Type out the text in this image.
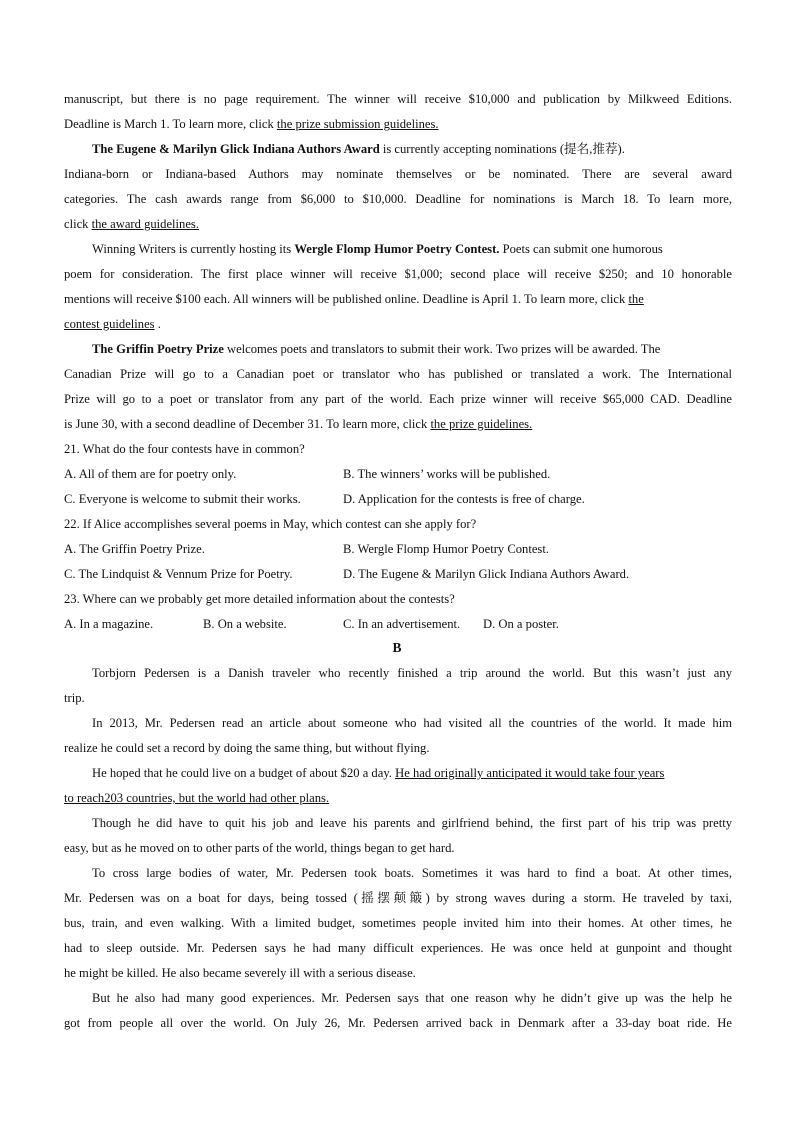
manuscript, but there is no page requirement. The winner will receive $10,000 and publication by Milkweed Editions.
Deadline is March 1. To learn more, click the prize submission guidelines.
The Eugene & Marilyn Glick Indiana Authors Award is currently accepting nominations (提名,推荐).
Indiana-born or Indiana-based Authors may nominate themselves or be nominated. There are several award
categories. The cash awards range from $6,000 to $10,000. Deadline for nominations is March 18. To learn more,
click the award guidelines.
Winning Writers is currently hosting its Wergle Flomp Humor Poetry Contest. Poets can submit one humorous
poem for consideration. The first place winner will receive $1,000; second place will receive $250; and 10 honorable
mentions will receive $100 each. All winners will be published online. Deadline is April 1. To learn more, click the
contest guidelines .
The Griffin Poetry Prize welcomes poets and translators to submit their work. Two prizes will be awarded. The
Canadian Prize will go to a Canadian poet or translator who has published or translated a work. The International
Prize will go to a poet or translator from any part of the world. Each prize winner will receive $65,000 CAD. Deadline
is June 30, with a second deadline of December 31. To learn more, click the prize guidelines.
21. What do the four contests have in common?
A. All of them are for poetry only.	B. The winners’ works will be published.
C. Everyone is welcome to submit their works.	D. Application for the contests is free of charge.
22. If Alice accomplishes several poems in May, which contest can she apply for?
A. The Griffin Poetry Prize.	B. Wergle Flomp Humor Poetry Contest.
C. The Lindquist & Vennum Prize for Poetry.	D. The Eugene & Marilyn Glick Indiana Authors Award.
23. Where can we probably get more detailed information about the contests?
A. In a magazine.	B. On a website.	C. In an advertisement. D. On a poster.
B
Torbjorn Pedersen is a Danish traveler who recently finished a trip around the world. But this wasn’t just any
trip.
In 2013, Mr. Pedersen read an article about someone who had visited all the countries of the world. It made him
realize he could set a record by doing the same thing, but without flying.
He hoped that he could live on a budget of about $20 a day. He had originally anticipated it would take four years
to reach203 countries, but the world had other plans.
Though he did have to quit his job and leave his parents and girlfriend behind, the first part of his trip was pretty
easy, but as he moved on to other parts of the world, things began to get hard.
To cross large bodies of water, Mr. Pedersen took boats. Sometimes it was hard to find a boat. At other times,
Mr. Pedersen was on a boat for days, being tossed (摇摆颠簸) by strong waves during a storm. He traveled by taxi,
bus, train, and even walking. With a limited budget, sometimes people invited him into their homes. At other times, he
had to sleep outside. Mr. Pedersen says he had many difficult experiences. He was once held at gunpoint and thought
he might be killed. He also became severely ill with a serious disease.
But he also had many good experiences. Mr. Pedersen says that one reason why he didn’t give up was the help he
got from people all over the world. On July 26, Mr. Pedersen arrived back in Denmark after a 33-day boat ride. He
